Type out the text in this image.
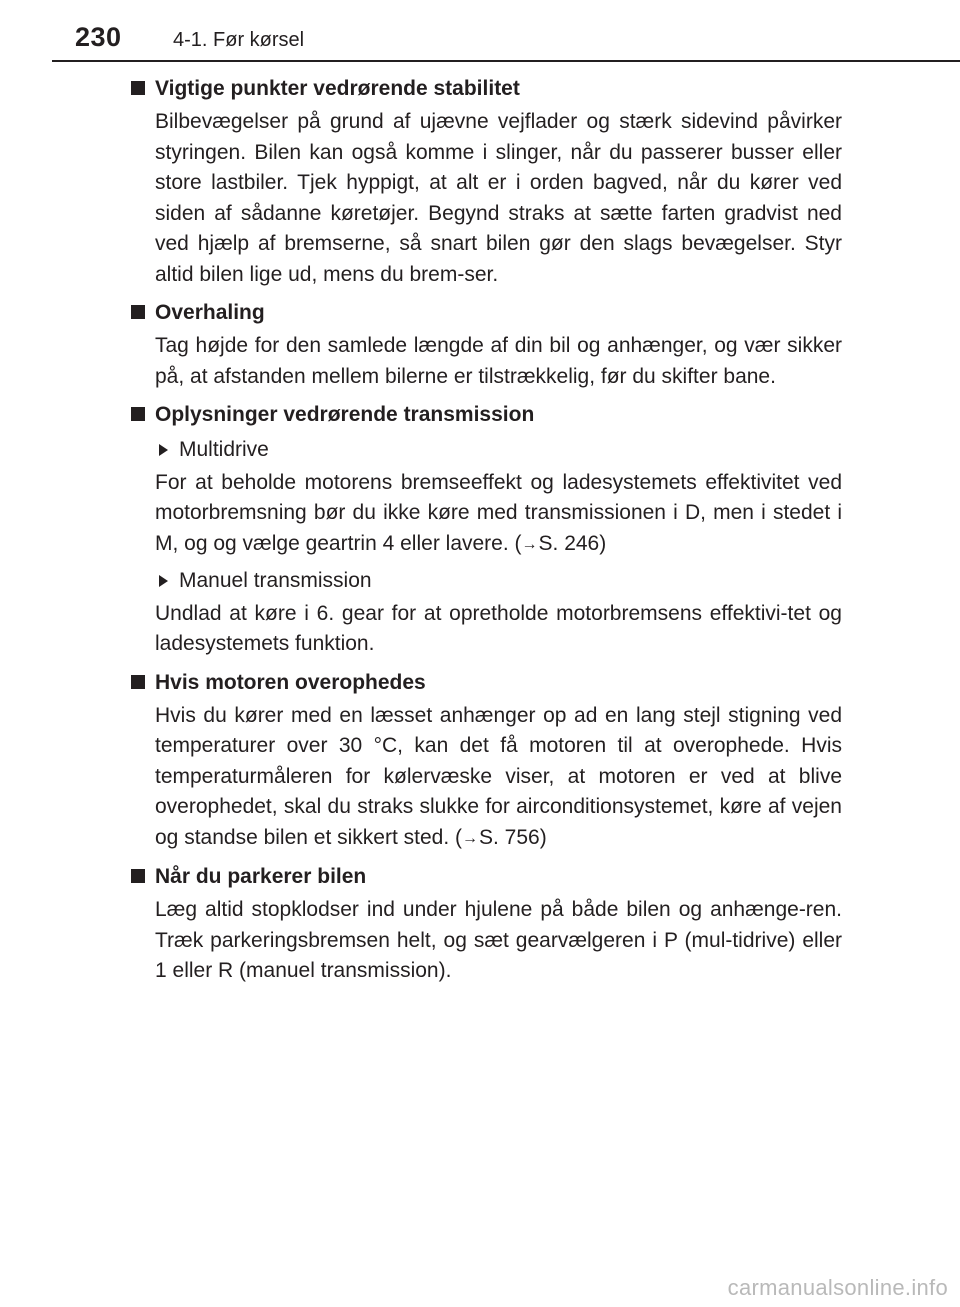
230	4-1. Før kørsel
Vigtige punkter vedrørende stabilitet

Bilbevægelser på grund af ujævne vejflader og stærk sidevind påvirker styringen. Bilen kan også komme i slinger, når du passerer busser eller store lastbiler. Tjek hyppigt, at alt er i orden bagved, når du kører ved siden af sådanne køretøjer. Begynd straks at sætte farten gradvist ned ved hjælp af bremserne, så snart bilen gør den slags bevægelser. Styr altid bilen lige ud, mens du brem-ser.

Overhaling

Tag højde for den samlede længde af din bil og anhænger, og vær sikker på, at afstanden mellem bilerne er tilstrækkelig, før du skifter bane.

Oplysninger vedrørende transmission
Multidrive

For at beholde motorens bremseeffekt og ladesystemets effektivitet ved motorbremsning bør du ikke køre med transmissionen i D, men i stedet i M, og og vælge geartrin 4 eller lavere. (→S. 246)

Manuel transmission

Undlad at køre i 6. gear for at opretholde motorbremsens effektivi-tet og ladesystemets funktion.

Hvis motoren overophedes

Hvis du kører med en læsset anhænger op ad en lang stejl stigning ved temperaturer over 30 °C, kan det få motoren til at overophede. Hvis temperaturmåleren for kølervæske viser, at motoren er ved at blive overophedet, skal du straks slukke for airconditionsystemet, køre af vejen og standse bilen et sikkert sted. (→S. 756)

Når du parkerer bilen

Læg altid stopklodser ind under hjulene på både bilen og anhænge-ren. Træk parkeringsbremsen helt, og sæt gearvælgeren i P (mul-tidrive) eller 1 eller R (manuel transmission).

carmanualsonline.info
